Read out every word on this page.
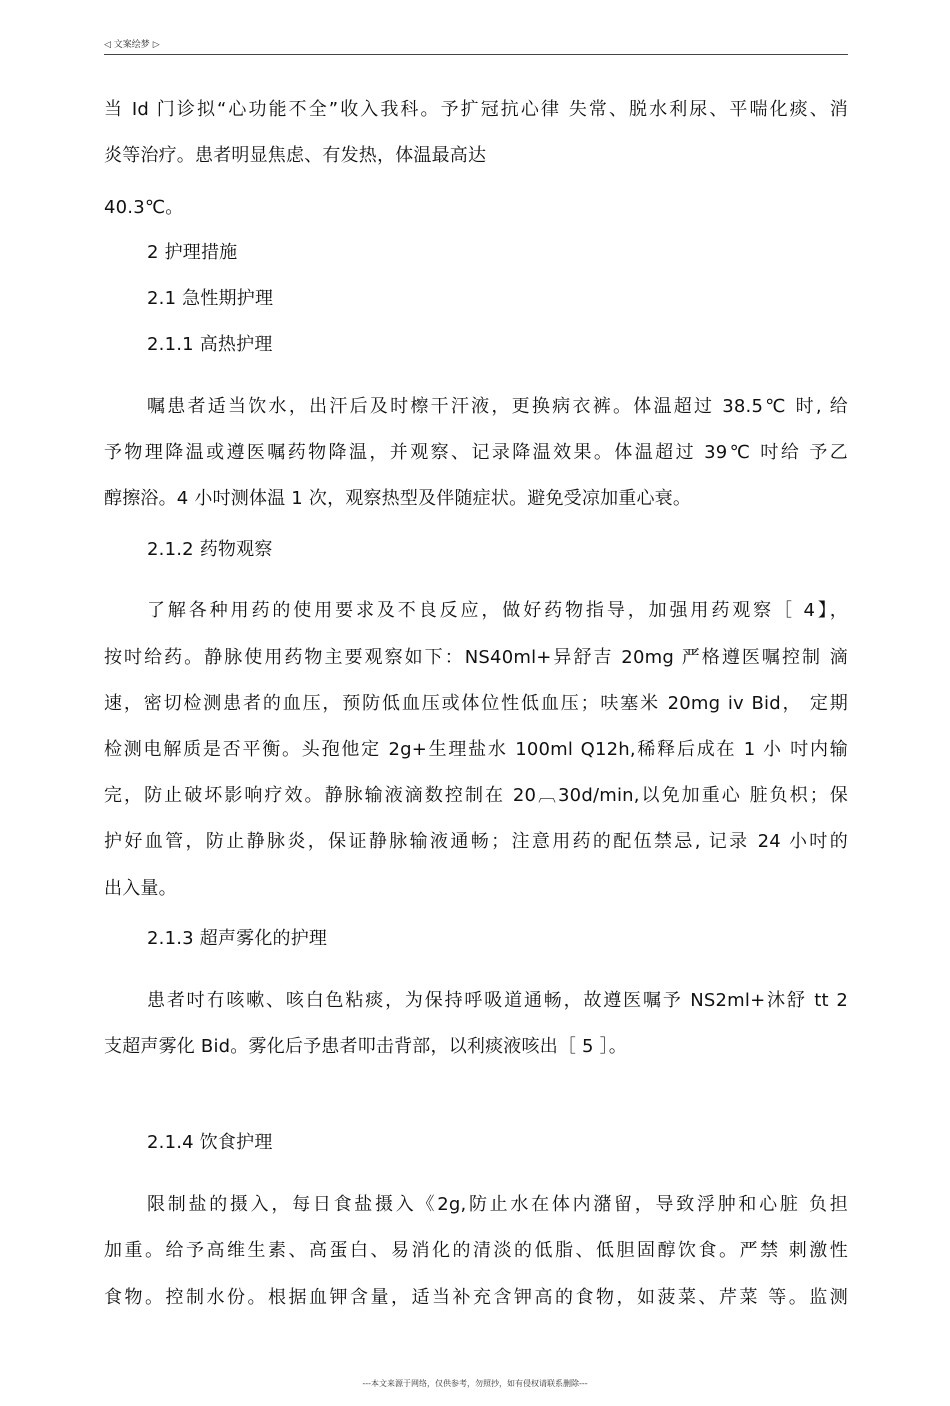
◁ 文案绘梦 ▷
当 Id 门诊拟“心功能不全”收入我科。予扩冠抗心律 失常、脱水利尿、平喘化痰、消
炎等治疗。患者明显焦虑、有发热，体温最高达
40.3℃。
2 护理措施
2.1 急性期护理
2.1.1 高热护理
嘱患者适当饮水，出汗后及时檫干汗液，更换病衣裤。体温超过 38.5℃ 时, 给
予物理降温或遵医嘱药物降温，并观察、记录降温效果。体温超过 39℃ 吋给 予乙
醇擦浴。4 小吋测体温 1 次，观察热型及伴随症状。避免受凉加重心衰。
2.1.2 药物观察
了解各种用药的使用要求及不良反应，做好药物指导，加强用药观察［ 4】，
按吋给药。静脉使用药物主要观察如下：NS40ml+异舒吉 20mg 严格遵医嘱控制 滴
速，密切检测患者的血压，预防低血压或体位性低血压；呋塞米 20mg iv Bid， 定期
检测电解质是否平衡。头孢他定 2g+生理盐水 100ml Q12h,稀释后成在 1 小 吋内输
完，防止破坏影响疗效。静脉输液滴数控制在 20︹30d/min,以免加重心 脏负枳；保
护好血管，防止静脉炎，保证静脉输液通畅；注意用药的配伍禁忌, 记录 24 小吋的
出入量。
2.1.3 超声雾化的护理
患者吋冇咳嗽、咳白色粘痰，为保持呼吸道通畅，故遵医嘱予 NS2ml+沐舒 tt 2
支超声雾化 Bid。雾化后予患者叩击背部，以利痰液咳出［ 5 ］。
2.1.4 饮食护理
限制盐的摄入，每日食盐摄入《2g,防止水在体内潴留，导致浮肿和心脏 负担
加重。给予高维生素、高蛋白、易消化的清淡的低脂、低胆固醇饮食。严禁 刺激性
食物。控制水份。根据血钾含量，适当补充含钾高的食物，如菠菜、芹菜 等。监测
---本文来源于网络，仅供参考，勿照抄，如有侵权请联系删除---
